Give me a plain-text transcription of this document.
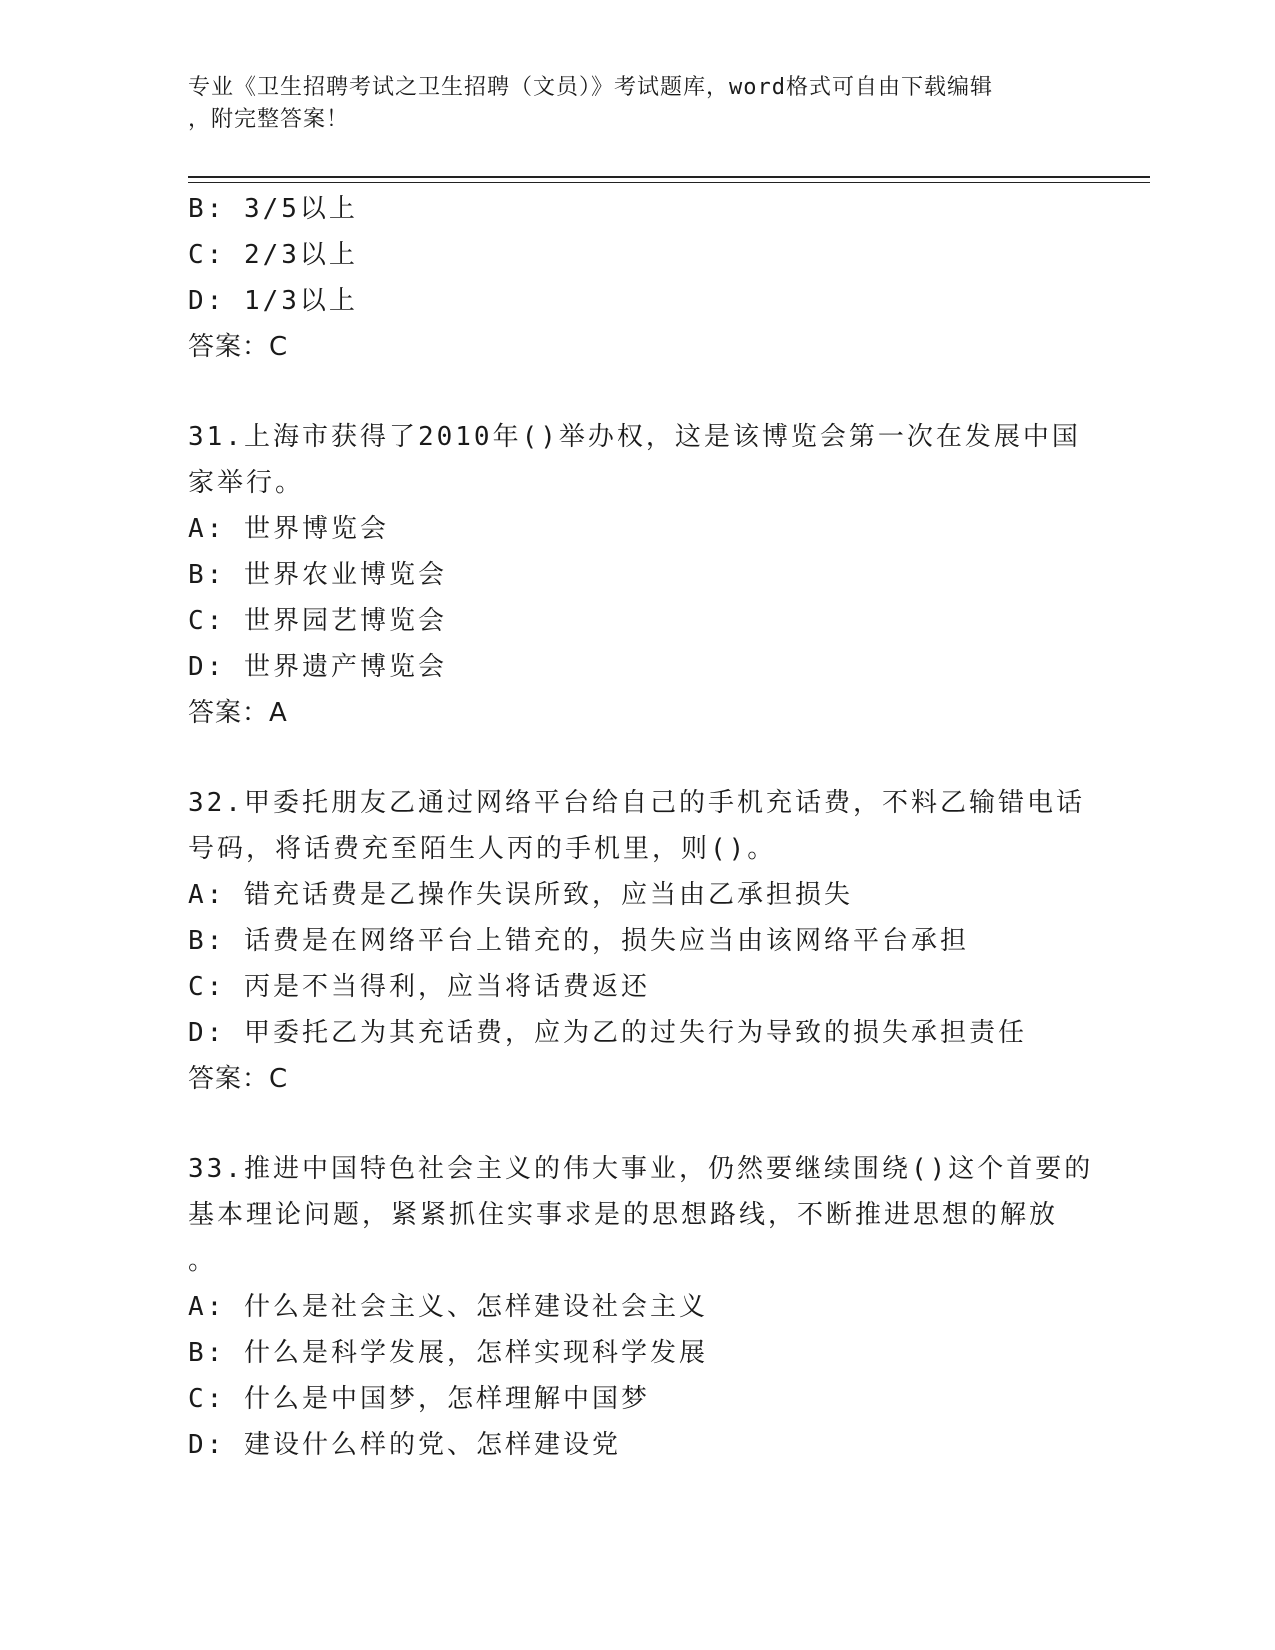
专业《卫生招聘考试之卫生招聘（文员）》考试题库，word格式可自由下载编辑
，附完整答案！
B: 3/5以上
C: 2/3以上
D: 1/3以上
答案：C
31.上海市获得了2010年()举办权，这是该博览会第一次在发展中国
家举行。
A: 世界博览会
B: 世界农业博览会
C: 世界园艺博览会
D: 世界遗产博览会
答案：A
32.甲委托朋友乙通过网络平台给自己的手机充话费，不料乙输错电话
号码，将话费充至陌生人丙的手机里，则()。
A: 错充话费是乙操作失误所致，应当由乙承担损失
B: 话费是在网络平台上错充的，损失应当由该网络平台承担
C: 丙是不当得利，应当将话费返还
D: 甲委托乙为其充话费，应为乙的过失行为导致的损失承担责任
答案：C
33.推进中国特色社会主义的伟大事业，仍然要继续围绕()这个首要的
基本理论问题，紧紧抓住实事求是的思想路线，不断推进思想的解放
。
A: 什么是社会主义、怎样建设社会主义
B: 什么是科学发展，怎样实现科学发展
C: 什么是中国梦，怎样理解中国梦
D: 建设什么样的党、怎样建设党
